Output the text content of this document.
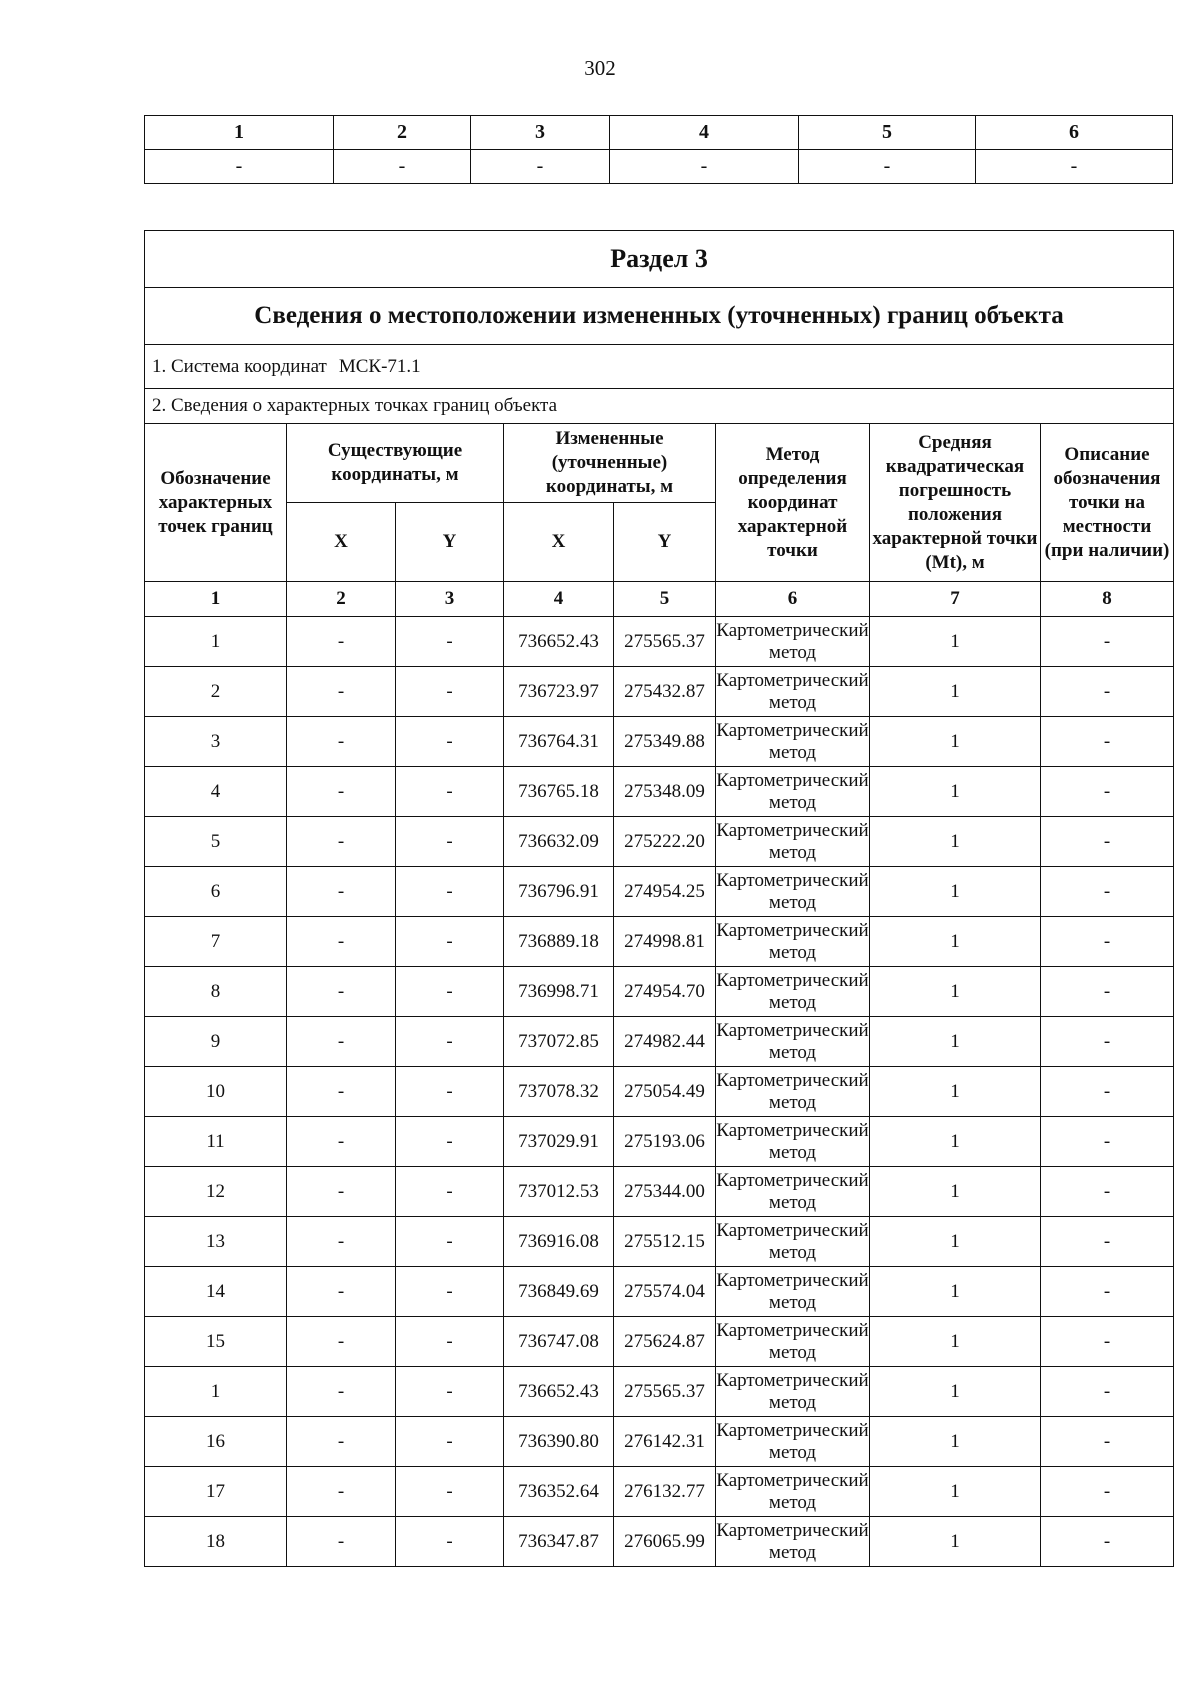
302
1	2	3	4	5	6
-	-	-	-	-	-
Раздел 3							
Сведения о местоположении измененных (уточненных) границ объекта							
1. Система координат МСК-71.1							
2. Сведения о характерных точках границ объекта							
Обозначение характерных точек границ	Существующие координаты, м		Измененные (уточненные) координаты, м		Метод определения координат характерной точки	Средняя квадратическая погрешность положения характерной точки (Mt), м	Описание обозначения точки на местности (при наличии)
	X	Y	X	Y			
1	2	3	4	5	6	7	8
1	-	-	736652.43	275565.37	Картометрический метод	1	-
2	-	-	736723.97	275432.87	Картометрический метод	1	-
3	-	-	736764.31	275349.88	Картометрический метод	1	-
4	-	-	736765.18	275348.09	Картометрический метод	1	-
5	-	-	736632.09	275222.20	Картометрический метод	1	-
6	-	-	736796.91	274954.25	Картометрический метод	1	-
7	-	-	736889.18	274998.81	Картометрический метод	1	-
8	-	-	736998.71	274954.70	Картометрический метод	1	-
9	-	-	737072.85	274982.44	Картометрический метод	1	-
10	-	-	737078.32	275054.49	Картометрический метод	1	-
11	-	-	737029.91	275193.06	Картометрический метод	1	-
12	-	-	737012.53	275344.00	Картометрический метод	1	-
13	-	-	736916.08	275512.15	Картометрический метод	1	-
14	-	-	736849.69	275574.04	Картометрический метод	1	-
15	-	-	736747.08	275624.87	Картометрический метод	1	-
1	-	-	736652.43	275565.37	Картометрический метод	1	-
16	-	-	736390.80	276142.31	Картометрический метод	1	-
17	-	-	736352.64	276132.77	Картометрический метод	1	-
18	-	-	736347.87	276065.99	Картометрический метод	1	-
